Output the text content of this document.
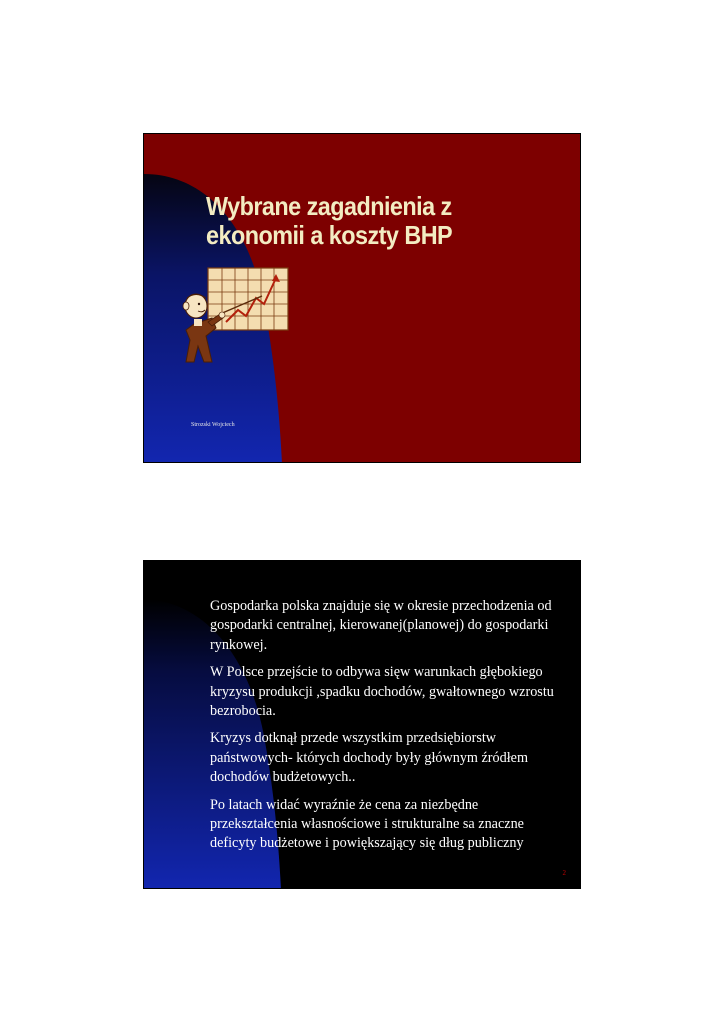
Wybrane zagadnienia z
ekonomii a koszty BHP
Strozski Wojciech

Gospodarka polska znajduje się w okresie przechodzenia od gospodarki centralnej, kierowanej(planowej) do gospodarki rynkowej.

W Polsce przejście to odbywa sięw warunkach głębokiego kryzysu produkcji ,spadku dochodów, gwałtownego wzrostu bezrobocia.

Kryzys dotknął przede wszystkim przedsiębiorstw państwowych- których dochody były głównym źródłem dochodów budżetowych..

Po latach widać wyraźnie że cena za niezbędne przekształcenia własnościowe i strukturalne sa znaczne deficyty budżetowe i powiększający się dług publiczny

2
